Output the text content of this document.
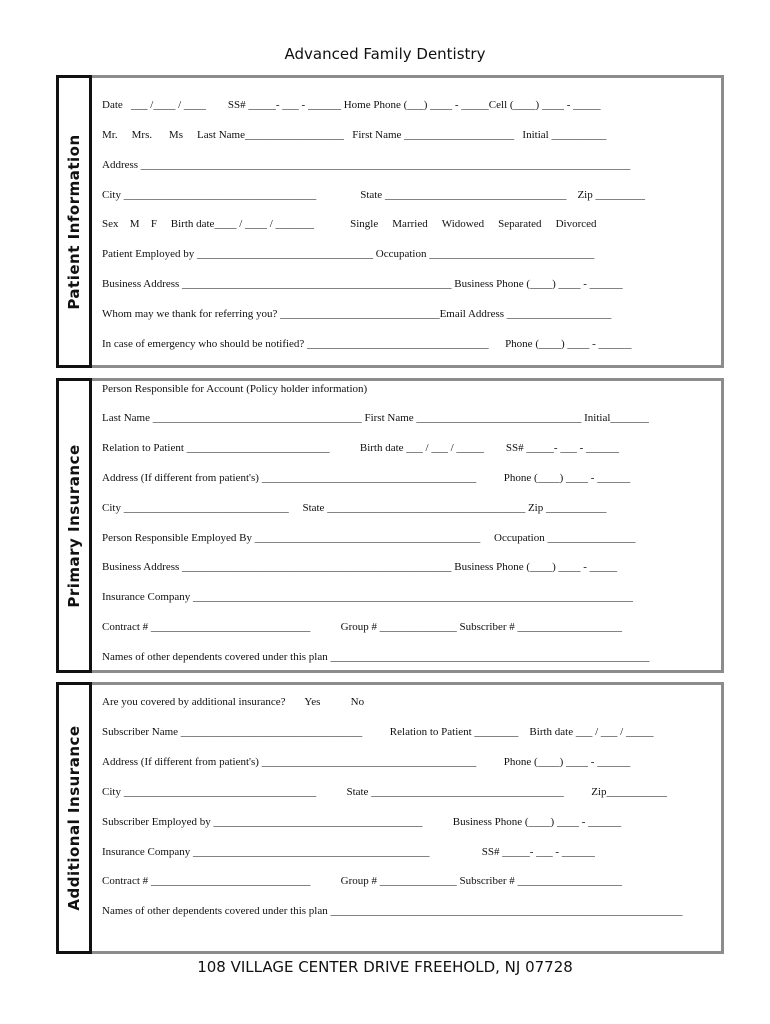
Advanced Family Dentistry
Patient Information
Date   ___ /____ / ____        SS# _____- ___ - ______ Home Phone (___) ____ - _____Cell (____) ____ - _____
Mr.   Mrs.    Ms   Last Name__________________   First Name ____________________   Initial __________
Address _________________________________________________________________________________________
City ___________________________________                State _________________________________    Zip _________
Sex  M  F     Birth date____ / ____ / _______           Single   Married   Widowed   Separated   Divorced
Patient Employed by ________________________________ Occupation ______________________________
Business Address _________________________________________________ Business Phone (____) ____ - ______
Whom may we thank for referring you? _____________________________Email Address ___________________
In case of emergency who should be notified? _________________________________      Phone (____) ____ - ______
Primary Insurance
Person Responsible for Account (Policy holder information)
Last Name ______________________________________ First Name ______________________________ Initial_______
Relation to Patient __________________________           Birth date ___ / ___ / _____        SS# _____- ___ - ______
Address (If different from patient's) _______________________________________          Phone (____) ____ - ______
City ______________________________     State ____________________________________ Zip ___________
Person Responsible Employed By _________________________________________     Occupation ________________
Business Address _________________________________________________ Business Phone (____) ____ - _____
Insurance Company ________________________________________________________________________________
Contract # _____________________________           Group # ______________ Subscriber # ___________________
Names of other dependents covered under this plan __________________________________________________________
Additional Insurance
Are you covered by additional insurance?       Yes           No
Subscriber Name _________________________________          Relation to Patient ________    Birth date ___ / ___ / _____
Address (If different from patient's) _______________________________________          Phone (____) ____ - ______
City ___________________________________           State ___________________________________          Zip___________
Subscriber Employed by ______________________________________           Business Phone (____) ____ - ______
Insurance Company ___________________________________________                   SS# _____- ___ - ______
Contract # _____________________________           Group # ______________ Subscriber # ___________________
Names of other dependents covered under this plan ________________________________________________________________
108 VILLAGE CENTER DRIVE FREEHOLD, NJ 07728
